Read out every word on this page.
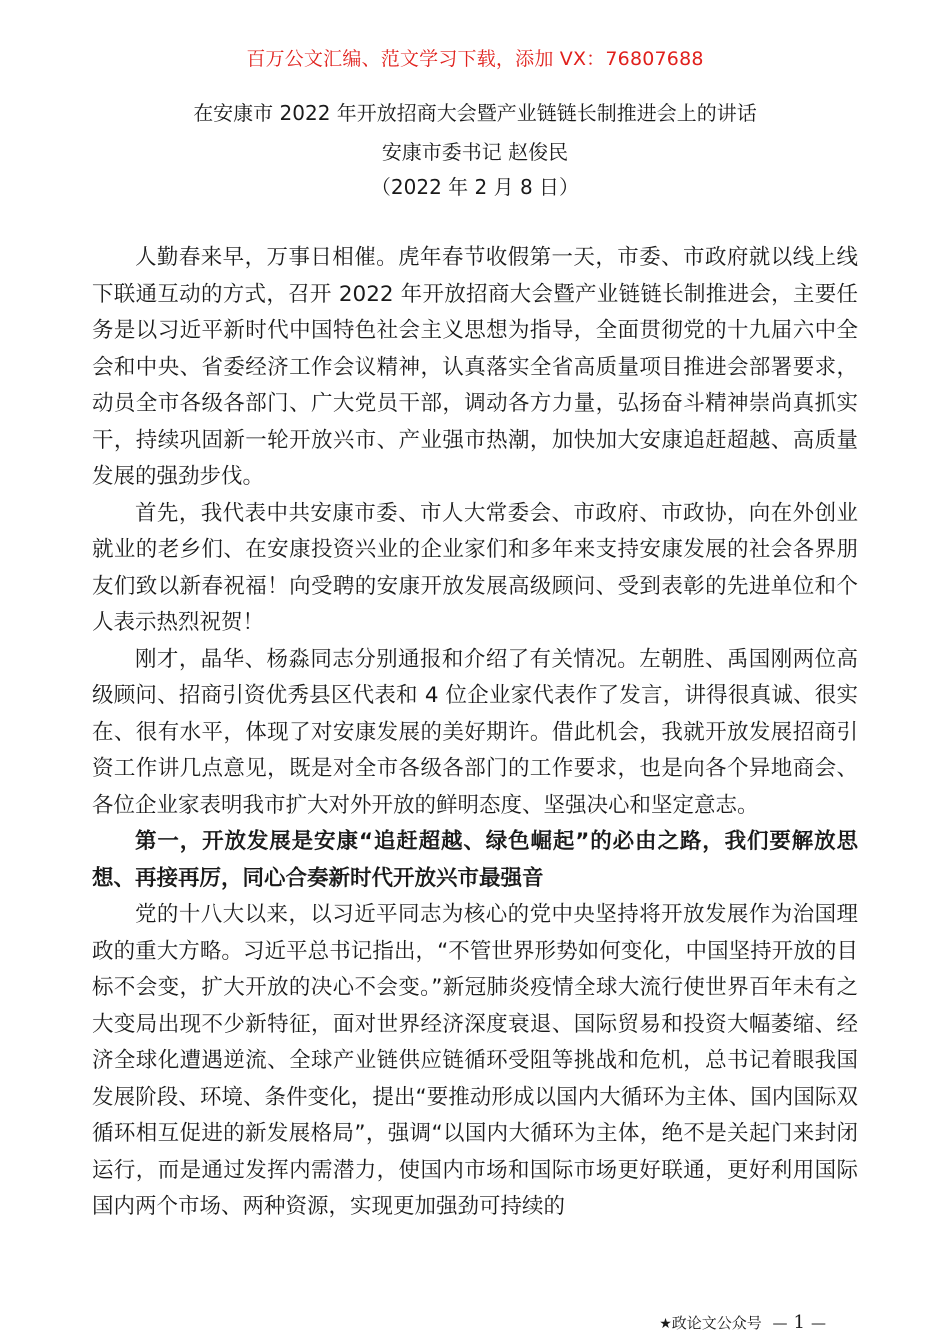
百万公文汇编、范文学习下载，添加 VX：76807688
在安康市 2022 年开放招商大会暨产业链链长制推进会上的讲话
安康市委书记 赵俊民
（2022 年 2 月 8 日）

人勤春来早，万事日相催。虎年春节收假第一天，市委、市政府就以线上线下联通互动的方式，召开 2022 年开放招商大会暨产业链链长制推进会，主要任务是以习近平新时代中国特色社会主义思想为指导，全面贯彻党的十九届六中全会和中央、省委经济工作会议精神，认真落实全省高质量项目推进会部署要求，动员全市各级各部门、广大党员干部，调动各方力量，弘扬奋斗精神崇尚真抓实干，持续巩固新一轮开放兴市、产业强市热潮，加快加大安康追赶超越、高质量发展的强劲步伐。

首先，我代表中共安康市委、市人大常委会、市政府、市政协，向在外创业就业的老乡们、在安康投资兴业的企业家们和多年来支持安康发展的社会各界朋友们致以新春祝福！向受聘的安康开放发展高级顾问、受到表彰的先进单位和个人表示热烈祝贺！

刚才，晶华、杨淼同志分别通报和介绍了有关情况。左朝胜、禹国刚两位高级顾问、招商引资优秀县区代表和 4 位企业家代表作了发言，讲得很真诚、很实在、很有水平，体现了对安康发展的美好期许。借此机会，我就开放发展招商引资工作讲几点意见，既是对全市各级各部门的工作要求，也是向各个异地商会、各位企业家表明我市扩大对外开放的鲜明态度、坚强决心和坚定意志。

第一，开放发展是安康“追赶超越、绿色崛起”的必由之路，我们要解放思想、再接再厉，同心合奏新时代开放兴市最强音

党的十八大以来，以习近平同志为核心的党中央坚持将开放发展作为治国理政的重大方略。习近平总书记指出，“不管世界形势如何变化，中国坚持开放的目标不会变，扩大开放的决心不会变。”新冠肺炎疫情全球大流行使世界百年未有之大变局出现不少新特征，面对世界经济深度衰退、国际贸易和投资大幅萎缩、经济全球化遭遇逆流、全球产业链供应链循环受阻等挑战和危机，总书记着眼我国发展阶段、环境、条件变化，提出“要推动形成以国内大循环为主体、国内国际双循环相互促进的新发展格局”，强调“以国内大循环为主体，绝不是关起门来封闭运行，而是通过发挥内需潜力，使国内市场和国际市场更好联通，更好利用国际国内两个市场、两种资源，实现更加强劲可持续的

★政论文公众号 — 1 —
